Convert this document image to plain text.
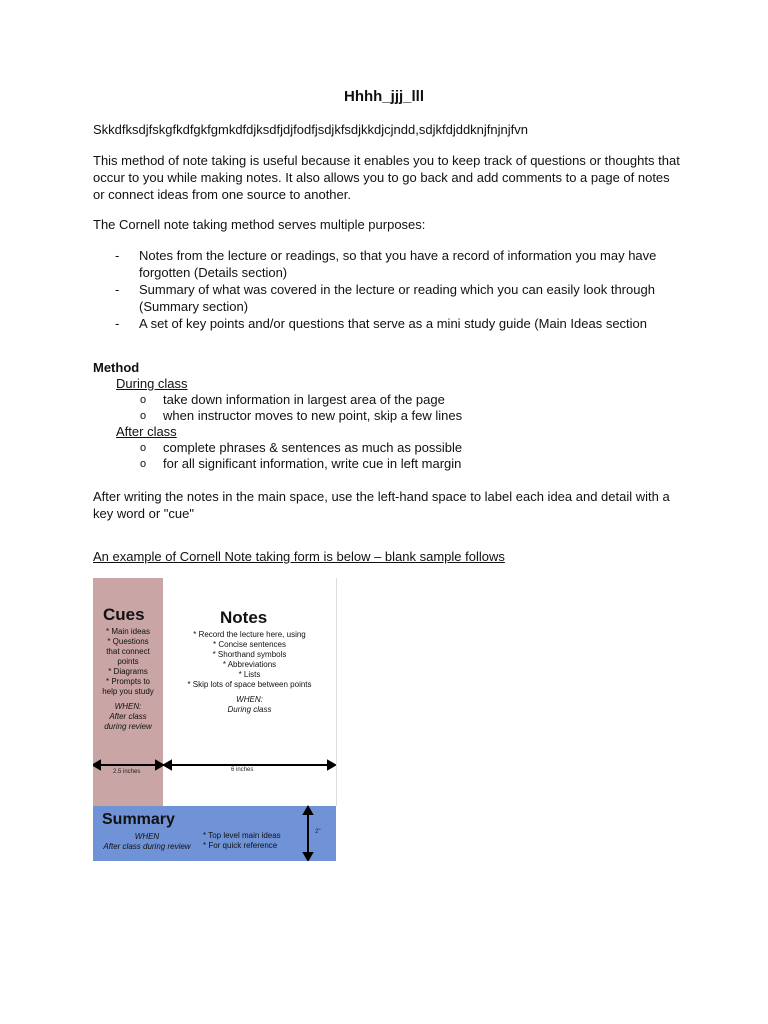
Hhhh_jjj_lll

Skkdfksdjfskgfkdfgkfgmkdfdjksdfjdjfodfjsdjkfsdjkkdjcjndd,sdjkfdjddknjfnjnjfvn

This method of note taking is useful because it enables you to keep track of questions or thoughts that occur to you while making notes. It also allows you to go back and add comments to a page of notes or connect ideas from one source to another.

The Cornell note taking method serves multiple purposes:

- Notes from the lecture or readings, so that you have a record of information you may have forgotten (Details section)
- Summary of what was covered in the lecture or reading which you can easily look through (Summary section)
- A set of key points and/or questions that serve as a mini study guide (Main Ideas section

Method

During class
o take down information in largest area of the page
o when instructor moves to new point, skip a few lines
After class
o complete phrases & sentences as much as possible
o for all significant information, write cue in left margin

After writing the notes in the main space, use the left-hand space to label each idea and detail with a key word or "cue"

An example of Cornell Note taking form is below – blank sample follows
Cues
* Main ideas
* Questions
that connect
points
* Diagrams
* Prompts to
help you study
WHEN:
After class
during review
Notes
* Record the lecture here, using
* Concise sentences
* Shorthand symbols
* Abbreviations
* Lists
* Skip lots of space between points
WHEN:
During class
2.5 inches	6 inches
2"
Summary
WHEN
After class during review
* Top level main ideas
* For quick reference
